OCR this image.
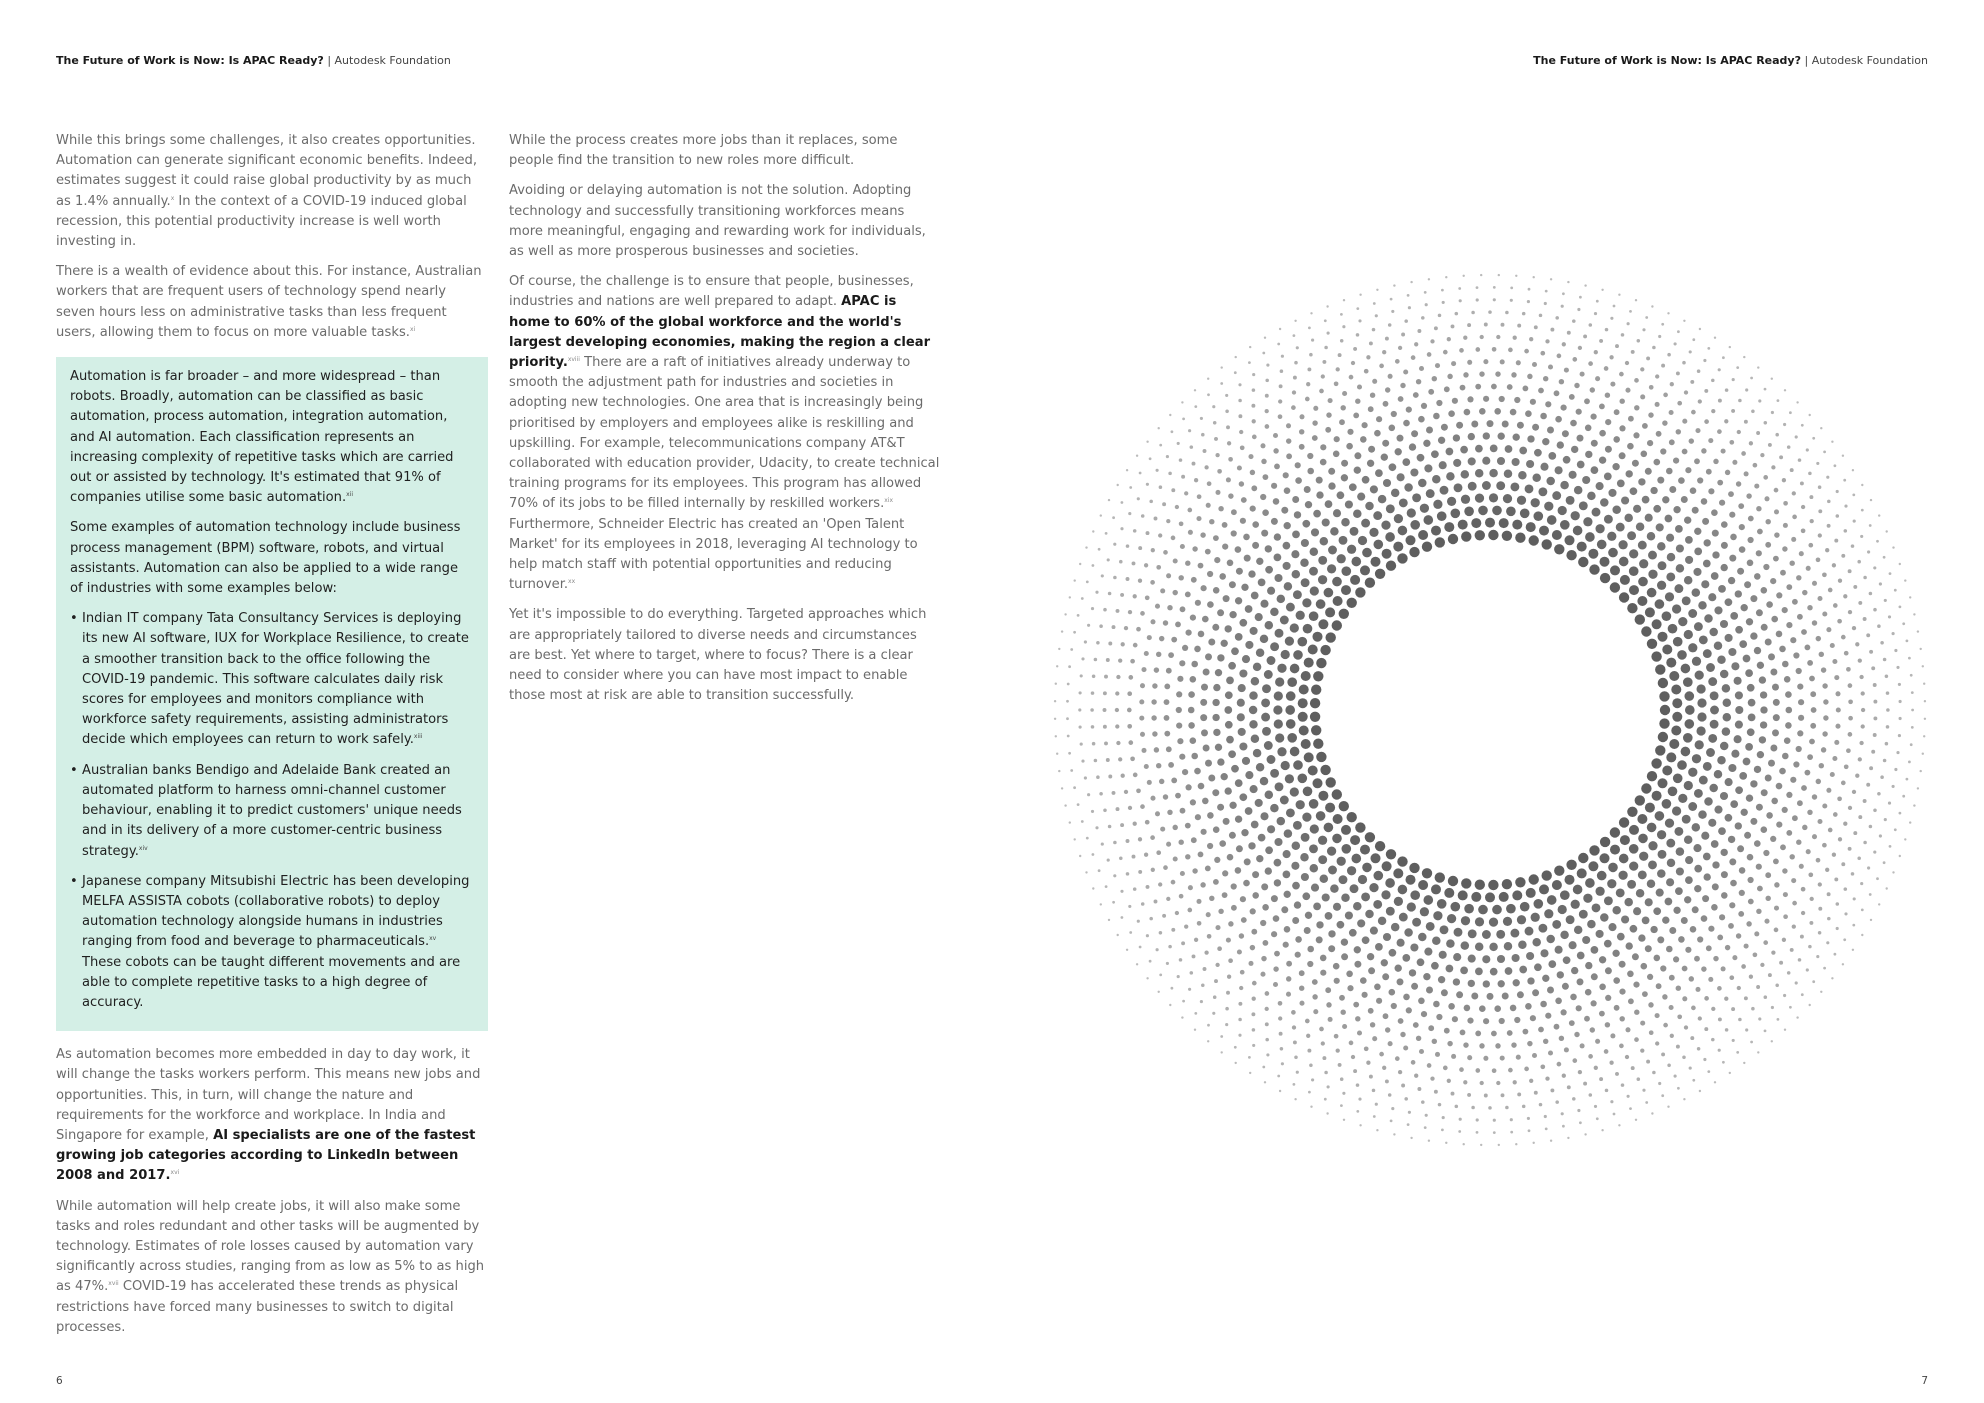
The Future of Work is Now: Is APAC Ready? | Autodesk Foundation	The Future of Work is Now: Is APAC Ready? | Autodesk Foundation

While this brings some challenges, it also creates opportunities. Automation can generate significant economic benefits. Indeed, estimates suggest it could raise global productivity by as much as 1.4% annually.$^x$ In the context of a COVID-19 induced global recession, this potential productivity increase is well worth investing in.

There is a wealth of evidence about this. For instance, Australian workers that are frequent users of technology spend nearly seven hours less on administrative tasks than less frequent users, allowing them to focus on more valuable tasks.$^{xi}$

Automation is far broader – and more widespread – than robots. Broadly, automation can be classified as basic automation, process automation, integration automation, and AI automation. Each classification represents an increasing complexity of repetitive tasks which are carried out or assisted by technology. It's estimated that 91% of companies utilise some basic automation.$^{xii}$

Some examples of automation technology include business process management (BPM) software, robots, and virtual assistants. Automation can also be applied to a wide range of industries with some examples below:

• Indian IT company Tata Consultancy Services is deploying its new AI software, IUX for Workplace Resilience, to create a smoother transition back to the office following the COVID-19 pandemic. This software calculates daily risk scores for employees and monitors compliance with workforce safety requirements, assisting administrators decide which employees can return to work safely.$^{xiii}$
• Australian banks Bendigo and Adelaide Bank created an automated platform to harness omni-channel customer behaviour, enabling it to predict customers' unique needs and in its delivery of a more customer-centric business strategy.$^{xiv}$
• Japanese company Mitsubishi Electric has been developing MELFA ASSISTA cobots (collaborative robots) to deploy automation technology alongside humans in industries ranging from food and beverage to pharmaceuticals.$^{xv}$ These cobots can be taught different movements and are able to complete repetitive tasks to a high degree of accuracy.

As automation becomes more embedded in day to day work, it will change the tasks workers perform. This means new jobs and opportunities. This, in turn, will change the nature and requirements for the workforce and workplace. In India and Singapore for example, AI specialists are one of the fastest growing job categories according to LinkedIn between 2008 and 2017.$^{xvi}$

While automation will help create jobs, it will also make some tasks and roles redundant and other tasks will be augmented by technology. Estimates of role losses caused by automation vary significantly across studies, ranging from as low as 5% to as high as 47%.$^{xvii}$ COVID-19 has accelerated these trends as physical restrictions have forced many businesses to switch to digital processes.

While the process creates more jobs than it replaces, some people find the transition to new roles more difficult.

Avoiding or delaying automation is not the solution. Adopting technology and successfully transitioning workforces means more meaningful, engaging and rewarding work for individuals, as well as more prosperous businesses and societies.

Of course, the challenge is to ensure that people, businesses, industries and nations are well prepared to adapt. APAC is home to 60% of the global workforce and the world's largest developing economies, making the region a clear priority.$^{xviii}$ There are a raft of initiatives already underway to smooth the adjustment path for industries and societies in adopting new technologies. One area that is increasingly being prioritised by employers and employees alike is reskilling and upskilling. For example, telecommunications company AT&T collaborated with education provider, Udacity, to create technical training programs for its employees. This program has allowed 70% of its jobs to be filled internally by reskilled workers.$^{xix}$ Furthermore, Schneider Electric has created an 'Open Talent Market' for its employees in 2018, leveraging AI technology to help match staff with potential opportunities and reducing turnover.$^{xx}$

Yet it's impossible to do everything. Targeted approaches which are appropriately tailored to diverse needs and circumstances are best. Yet where to target, where to focus? There is a clear need to consider where you can have most impact to enable those most at risk are able to transition successfully.

6	7
